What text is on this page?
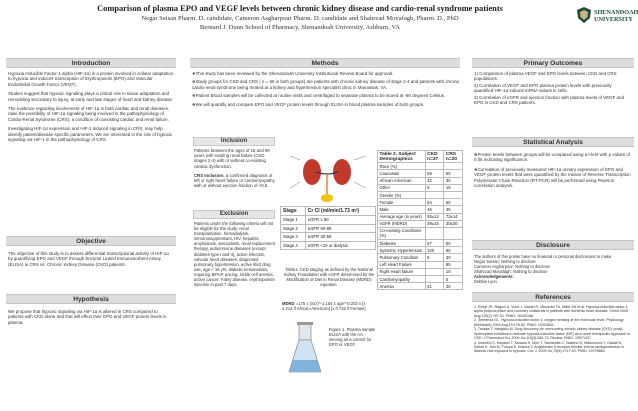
Comparison of plasma EPO and VEGF levels between chronic kidney disease and cardio-renal syndrome patients
Negar Seisan Pharm. D. candidate, Cameron Asgharpour Pharm. D. candidate and Shahrzad Movafagh, Pharm. D., PhD
Bernard J. Dunn School of Pharmacy, Shenandoah University, Ashburn, VA
SHENANDOAH
UNIVERSITY
Introduction

Hypoxia Inducible Factor-1 alpha (HIF-1α) is a protein involved in cellular adaptation to hypoxia and induces transcription of Erythropoietin (EPO) and Vascular Endothelial Growth Factor (VEGF).

Studies suggest that hypoxic signaling plays a critical role in tissue adaptation and remodeling secondary to injury, at early and late stages of heart and kidney disease.

The evidence regarding involvement of HIF-1α in both cardiac and renal diseases, raise the possibility of HIF-1α signaling being involved in the pathophysiology of Cardio-Renal Syndrome (CRS), a condition of coexisting cardiac and renal failure.

Investigating HIF-1α expression and HIF-1 induced signaling in CRS, may help identify patient/disease specific parameters. We are interested in the role of hypoxic signaling via HIF-1 in the pathophysiology of CRS.

Objective

The objective of this study is to assess differential transcriptional activity of HIF-1α by quantifying EPO and VEGF through Enzyme Linked Immunosorbent Assay (ELISA) in CRS vs. Chronic Kidney Disease (CKD) patients.

Hypothesis

We propose that hypoxic signaling via HIF-1α is altered in CRS compared to patients with CKD alone and that will effect their EPO and VEGF protein levels in plasma.

Methods

❖ This study has been reviewed by the Shenandoah University Institutional Review Board for approval.

❖ Study groups for CKD and CRS ( n = 60 in both groups) are patients with chronic kidney disease of stage 2-4 and patients with chronic cardio-renal syndrome being treated at a kidney and hypertension specialist clinic in Manassas, VA.

❖ Patient Blood samples will be collected at routine visits and centrifuged to separate plasma to be stored at -80 degrees Celsius.

❖ We will quantify and compare EPO and VEGF protein levels through ELISA in blood plasma samples of both groups.

Inclusion

Patients between the ages of 18 and 90 years with existing renal failure (CKD stages 2-4) with or without co-existing cardiac dysfunction.

CRS Inclusion: a confirmed diagnosis of left or right heart failure or cardiomyopathy with or without ejection fraction of <0.5.

Exclusion

Patients under the following criteria will not be eligible for the study: renal transplantation, hemodialysis, immunosuppressant, HIV, hepatitis, amyloidosis, sarcoidosis, renal replacement therapy, autoimmune diseases (except diabetes type I and II), active infection, valvular heart diseases, diagnosed pulmonary hypertension, active illicit drug use, age < 18 yrs, diabetic ketoacidosis, requiring BiPAP, pacing, sickle cell anemia, active cancer, Fabry disease, erythropoietin injection in past 7 days.

Stage	Cr Cl (ml/min/1.73 m²)
Stage 1	eGFR ≥ 90
Stage 2	eGFR 60-89
Stage 3	eGFR 30-59
Stage 4	eGFR <15 or dialysis
Table1. CKD staging as defined by the National Kidney Foundation with eGFR determined by the Modification of Diet in Renal Disease (MDRD) equation.
MDRD =175 x (Scr)^-1.154 x age^-0.203 x [x 1.212 if African-American] [x 0.742 if Female]
Figure 1. Plasma sample ELISA with the AA serving as a control for EPO or VEGF.
Table 2. Subject Demographics	CKD n=37	CRS n=20
Race (%)		
Caucasian	59	55
African-American	32	30
Other	9	15
Gender (%)		
Female	54	55
Male	46	45
Average age (in years)	65±12	73±14
eGFR (MDRD)	39±15	30±20
Co-existing Conditions (%)		
Diabetes	57	50
Systemic Hypertension	100	85
Pulmonary Condition	5	30
Left Heart Failure		85
Right Heart failure		10
Cardiomyopathy		5
Anemia	41	35
Primary Outcomes

1) Comparison of plasma VEGF and EPO levels between CKD and CRS populations.

2) Correlation of VEGF and EPO plasma protein levels with previously quantified HIF-1α subunit mRNA values in cells.

3) Correlation of eGFR and ejection fraction with plasma levels of VEGF and EPO in CKD and CRS patients.

Statistical Analysis

❖ Protein levels between groups will be compared using a t-test with p values of 0.05 indicating significance.

❖ Correlation of previously measured HIF-1α urinary expression of EPO and VEGF protein levels that were quantified by the means of Reverse Transcription Polymerase Chain Reaction (RT-PCR) will be performed using Pearson correlation analysis.

Disclosure
The authors of this poster have no financial or personal disclosures to make.
Negar Seisan: Nothing to disclose
Cameron Asgharpour: Nothing to disclose
Shahrzad Movafagh: Nothing to disclose
Acknowledgements:
Debbie Lynn
References

1. Reeyi JR, Raguni A, Vouri J, Naesh R, Memedsi TA, Miller JM et al. Hypoxia-inducible factor-1 alpha polymorphism and coronary collaterals in patients with ischemic heart disease. Chest 2005 Aug;128(2):787-91. PMID: 16100168.

2. Semenza GL. Hypoxia-inducible factor 1: oxygen sensing at the molecular level. Physiology (Bethesda) 2004 Aug;19:176-82. PMID: 15304631.

3. Tanaka T, Nangaku M. Drug discovery for overcoming chronic kidney disease (CKD): prolyl-hydroxylase inhibitors to activate hypoxia-inducible factor (HIF) as a novel therapeutic approach in CKD. J Pharmacol Sci. 2009 Jul;110(3):266-73. Review. PMID: 19571437.

4. Imanishi S, Hayashi T, Tazawa H, Mori T, Yamashita C, Nakano D, Matsumura Y, Okada N, Saitoh K, Itoh M, Furuya E, Kitaura Y. Angiotensin II receptor blocker exerts cardioprotection in diabetic rats exposed to hypoxia. Circ J. 2009 Jul;73(9):1747-53. PMID: 19729864.
